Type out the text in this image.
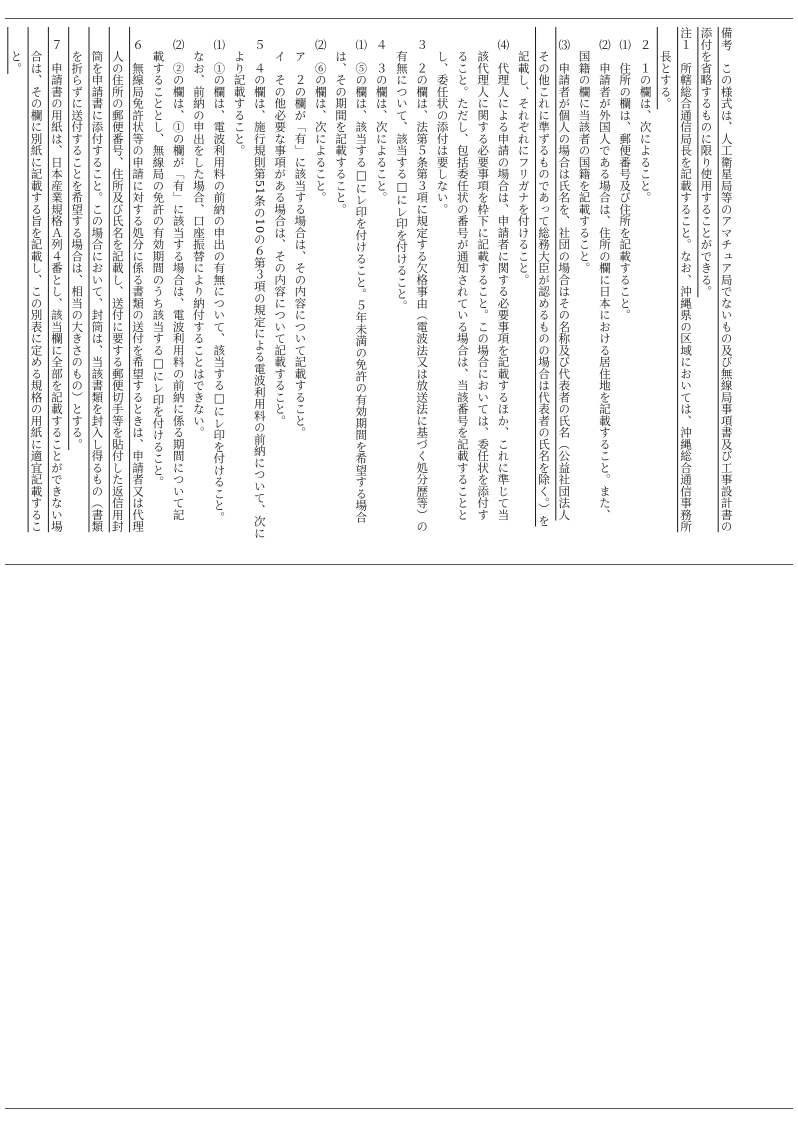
備考　この様式は、人工衛星局等のアマチュア局でないもの及び無線局事項書及び工事設計書の
添付を省略するものに限り使用することができる。
注１　所轄総合通信局長を記載すること。なお、沖縄県の区域においては、沖縄総合通信事務所
　　長とする。
　２　１の欄は、次によること。
　⑴　住所の欄は、郵便番号及び住所を記載すること。
　⑵　申請者が外国人である場合は、住所の欄に日本における居住地を記載すること。また、
　　国籍の欄に当該者の国籍を記載すること。
　⑶　申請者が個人の場合は氏名を、社団の場合はその名称及び代表者の氏名（公益社団法人
　　その他これに準ずるものであって総務大臣が認めるものの場合は代表者の氏名を除く。）を
　　記載し、それぞれにフリガナを付けること。
　⑷　代理人による申請の場合は、申請者に関する必要事項を記載するほか、これに準じて当
　　該代理人に関する必要事項を枠下に記載すること。この場合においては、委任状を添付す
　　ること。ただし、包括委任状の番号が通知されている場合は、当該番号を記載することと
　　し、委任状の添付は要しない。
　３　２の欄は、法第５条第３項に規定する欠格事由（電波法又は放送法に基づく処分歴等）の
　　有無について、該当する□にレ印を付けること。
　４　３の欄は、次によること。
　⑴　⑤の欄は、該当する□にレ印を付けること。５年未満の免許の有効期間を希望する場合
　　は、その期間を記載すること。
　⑵　⑥の欄は、次によること。
　　ア　２の欄が「有」に該当する場合は、その内容について記載すること。
　　イ　その他必要な事項がある場合は、その内容について記載すること。
　５　４の欄は、施行規則第51条の10の６第３項の規定による電波利用料の前納について、次に
　　より記載すること。
　⑴　①の欄は、電波利用料の前納の申出の有無について、該当する□にレ印を付けること。
　　なお、前納の申出をした場合、口座振替により納付することはできない。
　⑵　②の欄は、①の欄が「有」に該当する場合は、電波利用料の前納に係る期間について記
　　載することとし、無線局の免許の有効期間のうち該当する□にレ印を付けること。
　６　無線局免許状等の申請に対する処分に係る書類の送付を希望するときは、申請者又は代理
　　人の住所の郵便番号、住所及び氏名を記載し、送付に要する郵便切手等を貼付した返信用封
　　筒を申請書に添付すること。この場合において、封筒は、当該書類を封入し得るもの（書類
　　を折らずに送付することを希望する場合は、相当の大きさのもの）とする。
　７　申請書の用紙は、日本産業規格Ａ列４番とし、該当欄に全部を記載することができない場
　　合は、その欄に別紙に記載する旨を記載し、この別表に定める規格の用紙に適宜記載するこ
　　と。
